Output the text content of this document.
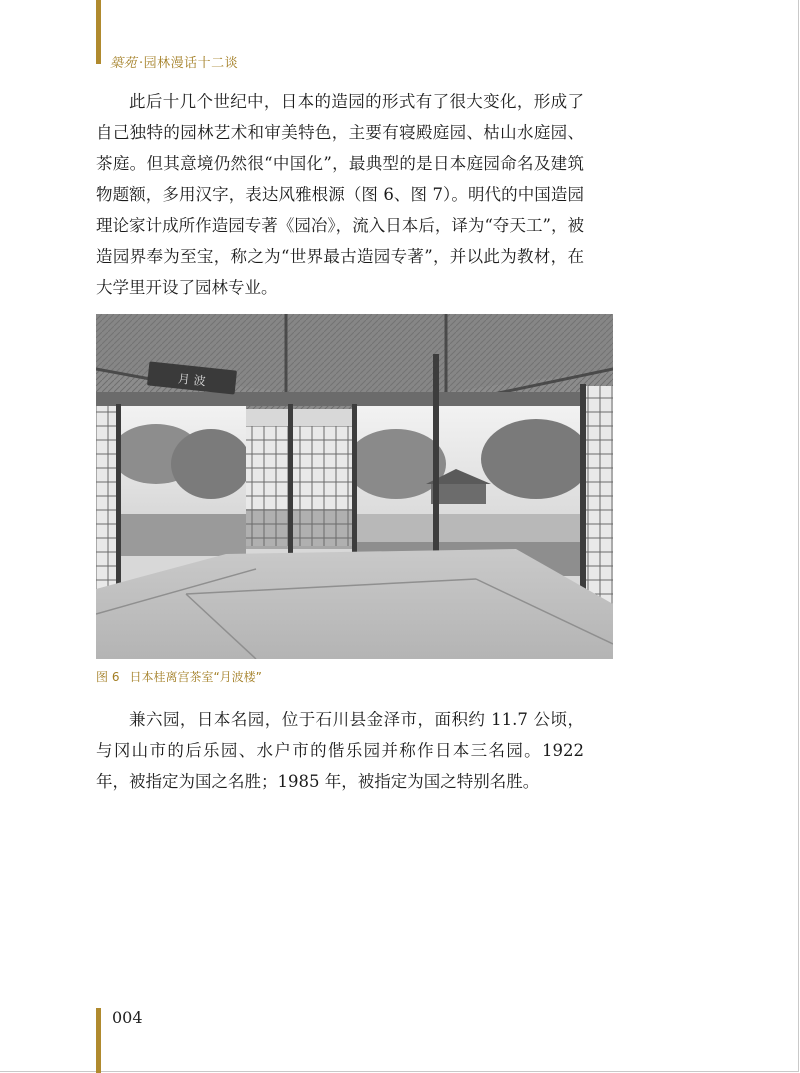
築苑 ·园林漫话十二谈

此后十几个世纪中，日本的造园的形式有了很大变化，形成了自己独特的园林艺术和审美特色，主要有寝殿庭园、枯山水庭园、茶庭。但其意境仍然很“中国化”，最典型的是日本庭园命名及建筑物题额，多用汉字，表达风雅根源（图 6、图 7）。明代的中国造园理论家计成所作造园专著《园冶》，流入日本后，译为“夺天工”，被造园界奉为至宝，称之为“世界最古造园专著”，并以此为教材，在大学里开设了园林专业。

月 波
图 6 日本桂离宫茶室“月波楼”

兼六园，日本名园，位于石川县金泽市，面积约 11.7 公顷，与冈山市的后乐园、水户市的偕乐园并称作日本三名园。1922 年，被指定为国之名胜；1985 年，被指定为国之特别名胜。

004
